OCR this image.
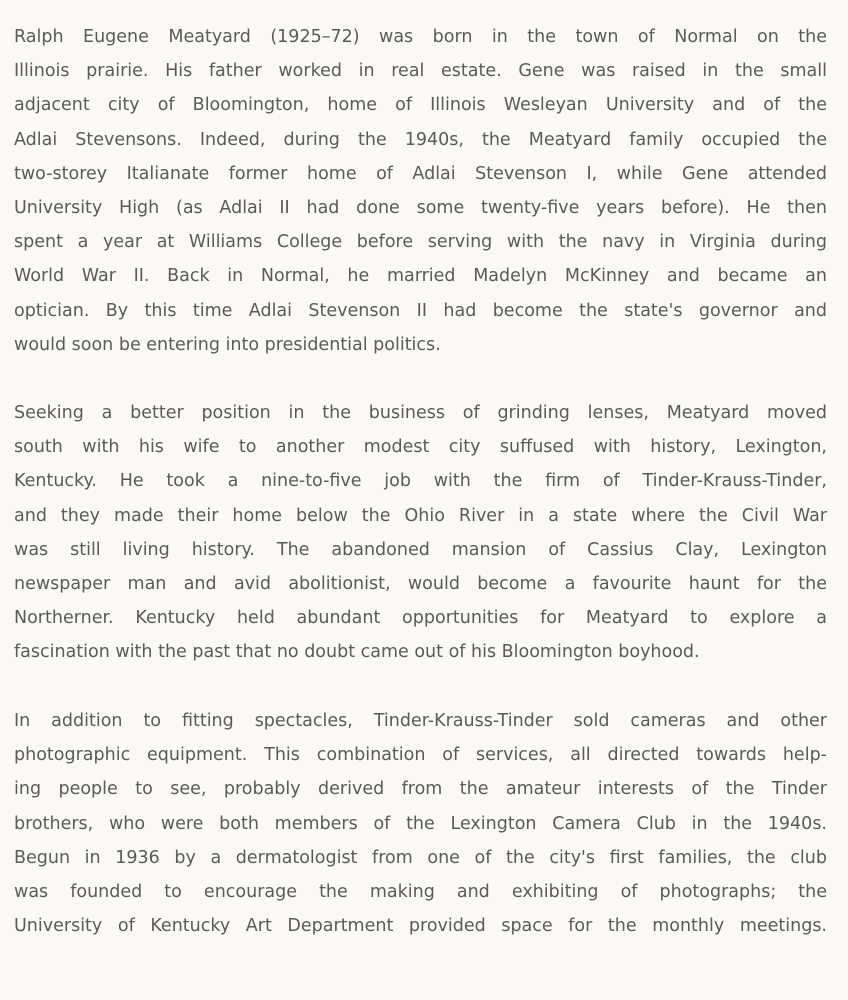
Ralph Eugene Meatyard (1925–72) was born in the town of Normal on the
Illinois prairie. His father worked in real estate. Gene was raised in the small
adjacent city of Bloomington, home of Illinois Wesleyan University and of the
Adlai Stevensons. Indeed, during the 1940s, the Meatyard family occupied the
two-storey Italianate former home of Adlai Stevenson I, while Gene attended
University High (as Adlai II had done some twenty-five years before). He then
spent a year at Williams College before serving with the navy in Virginia during
World War II. Back in Normal, he married Madelyn McKinney and became an
optician. By this time Adlai Stevenson II had become the state's governor and
would soon be entering into presidential politics.
Seeking a better position in the business of grinding lenses, Meatyard moved
south with his wife to another modest city suffused with history, Lexington,
Kentucky. He took a nine-to-five job with the firm of Tinder-Krauss-Tinder,
and they made their home below the Ohio River in a state where the Civil War
was still living history. The abandoned mansion of Cassius Clay, Lexington
newspaper man and avid abolitionist, would become a favourite haunt for the
Northerner. Kentucky held abundant opportunities for Meatyard to explore a
fascination with the past that no doubt came out of his Bloomington boyhood.
In addition to fitting spectacles, Tinder-Krauss-Tinder sold cameras and other
photographic equipment. This combination of services, all directed towards help-
ing people to see, probably derived from the amateur interests of the Tinder
brothers, who were both members of the Lexington Camera Club in the 1940s.
Begun in 1936 by a dermatologist from one of the city's first families, the club
was founded to encourage the making and exhibiting of photographs; the
University of Kentucky Art Department provided space for the monthly meetings.
